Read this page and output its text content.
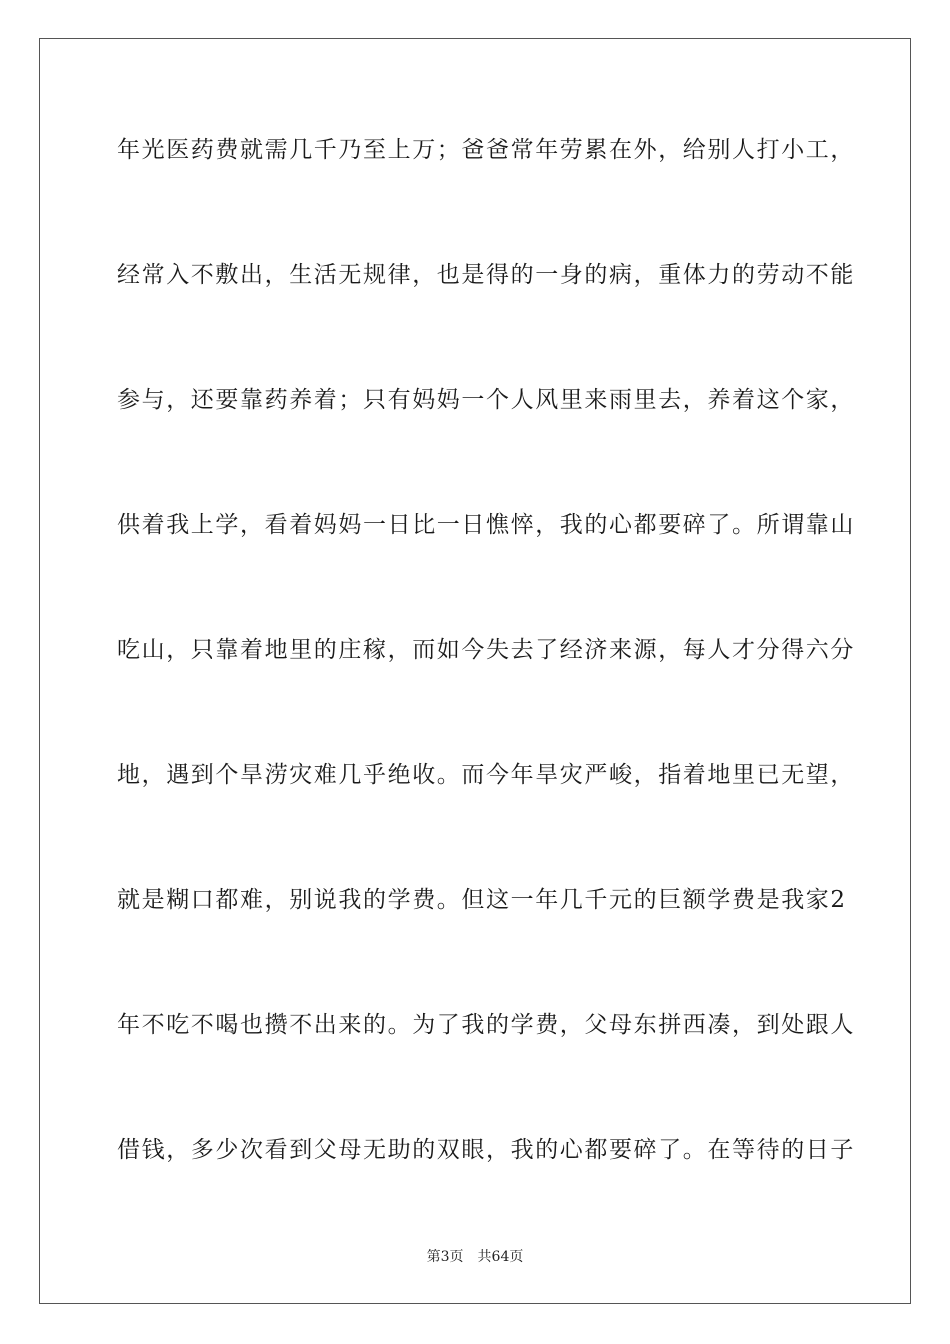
年光医药费就需几千乃至上万；爸爸常年劳累在外，给别人打小工，
经常入不敷出，生活无规律，也是得的一身的病，重体力的劳动不能
参与，还要靠药养着；只有妈妈一个人风里来雨里去，养着这个家，
供着我上学，看着妈妈一日比一日憔悴，我的心都要碎了。所谓靠山
吃山，只靠着地里的庄稼，而如今失去了经济来源，每人才分得六分
地，遇到个旱涝灾难几乎绝收。而今年旱灾严峻，指着地里已无望，
就是糊口都难，别说我的学费。但这一年几千元的巨额学费是我家2
年不吃不喝也攒不出来的。为了我的学费，父母东拼西凑，到处跟人
借钱，多少次看到父母无助的双眼，我的心都要碎了。在等待的日子
第3页 共64页
